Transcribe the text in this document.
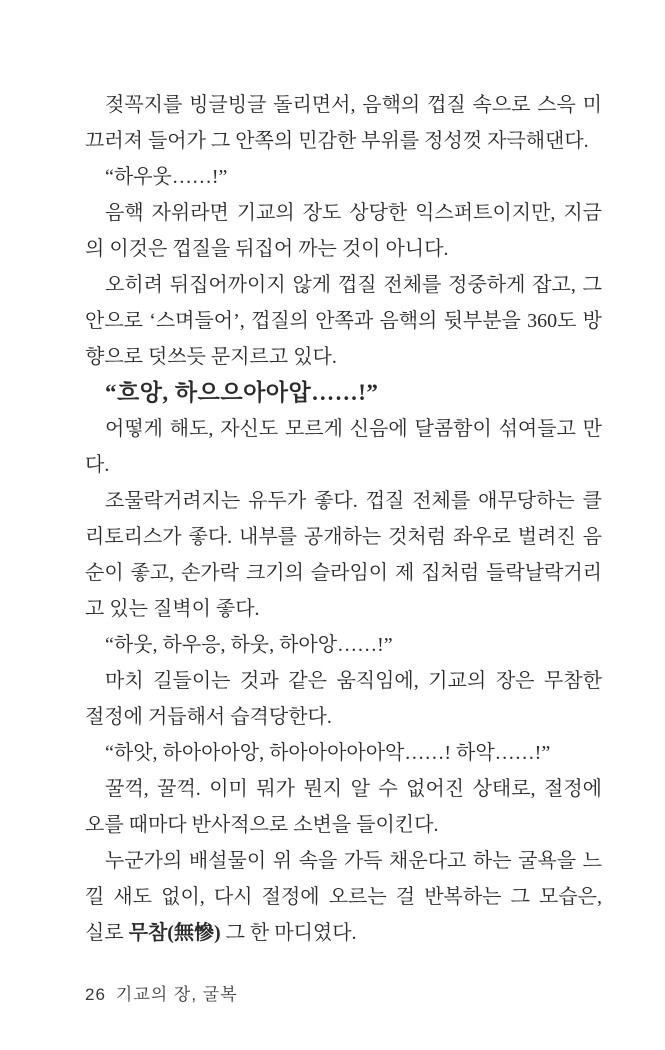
젖꼭지를 빙글빙글 돌리면서, 음핵의 껍질 속으로 스윽 미
끄러져 들어가 그 안쪽의 민감한 부위를 정성껏 자극해댄다.
“하우웃……!”
음핵 자위라면 기교의 장도 상당한 익스퍼트이지만, 지금
의 이것은 껍질을 뒤집어 까는 것이 아니다.
오히려 뒤집어까이지 않게 껍질 전체를 정중하게 잡고, 그
안으로 ‘스며들어’, 껍질의 안쪽과 음핵의 뒷부분을 360도 방
향으로 덧쓰듯 문지르고 있다.
“흐앙, 하으으아아압……!”
어떻게 해도, 자신도 모르게 신음에 달콤함이 섞여들고 만
다.
조물락거려지는 유두가 좋다. 껍질 전체를 애무당하는 클
리토리스가 좋다. 내부를 공개하는 것처럼 좌우로 벌려진 음
순이 좋고, 손가락 크기의 슬라임이 제 집처럼 들락날락거리
고 있는 질벽이 좋다.
“하웃, 하우응, 하웃, 하아앙……!”
마치 길들이는 것과 같은 움직임에, 기교의 장은 무참한
절정에 거듭해서 습격당한다.
“하앗, 하아아아앙, 하아아아아아악……! 하악……!”
꿀꺽, 꿀꺽. 이미 뭐가 뭔지 알 수 없어진 상태로, 절정에
오를 때마다 반사적으로 소변을 들이킨다.
누군가의 배설물이 위 속을 가득 채운다고 하는 굴욕을 느
낄 새도 없이, 다시 절정에 오르는 걸 반복하는 그 모습은,
실로 무참(無慘) 그 한 마디였다.
26 기교의 장, 굴복
